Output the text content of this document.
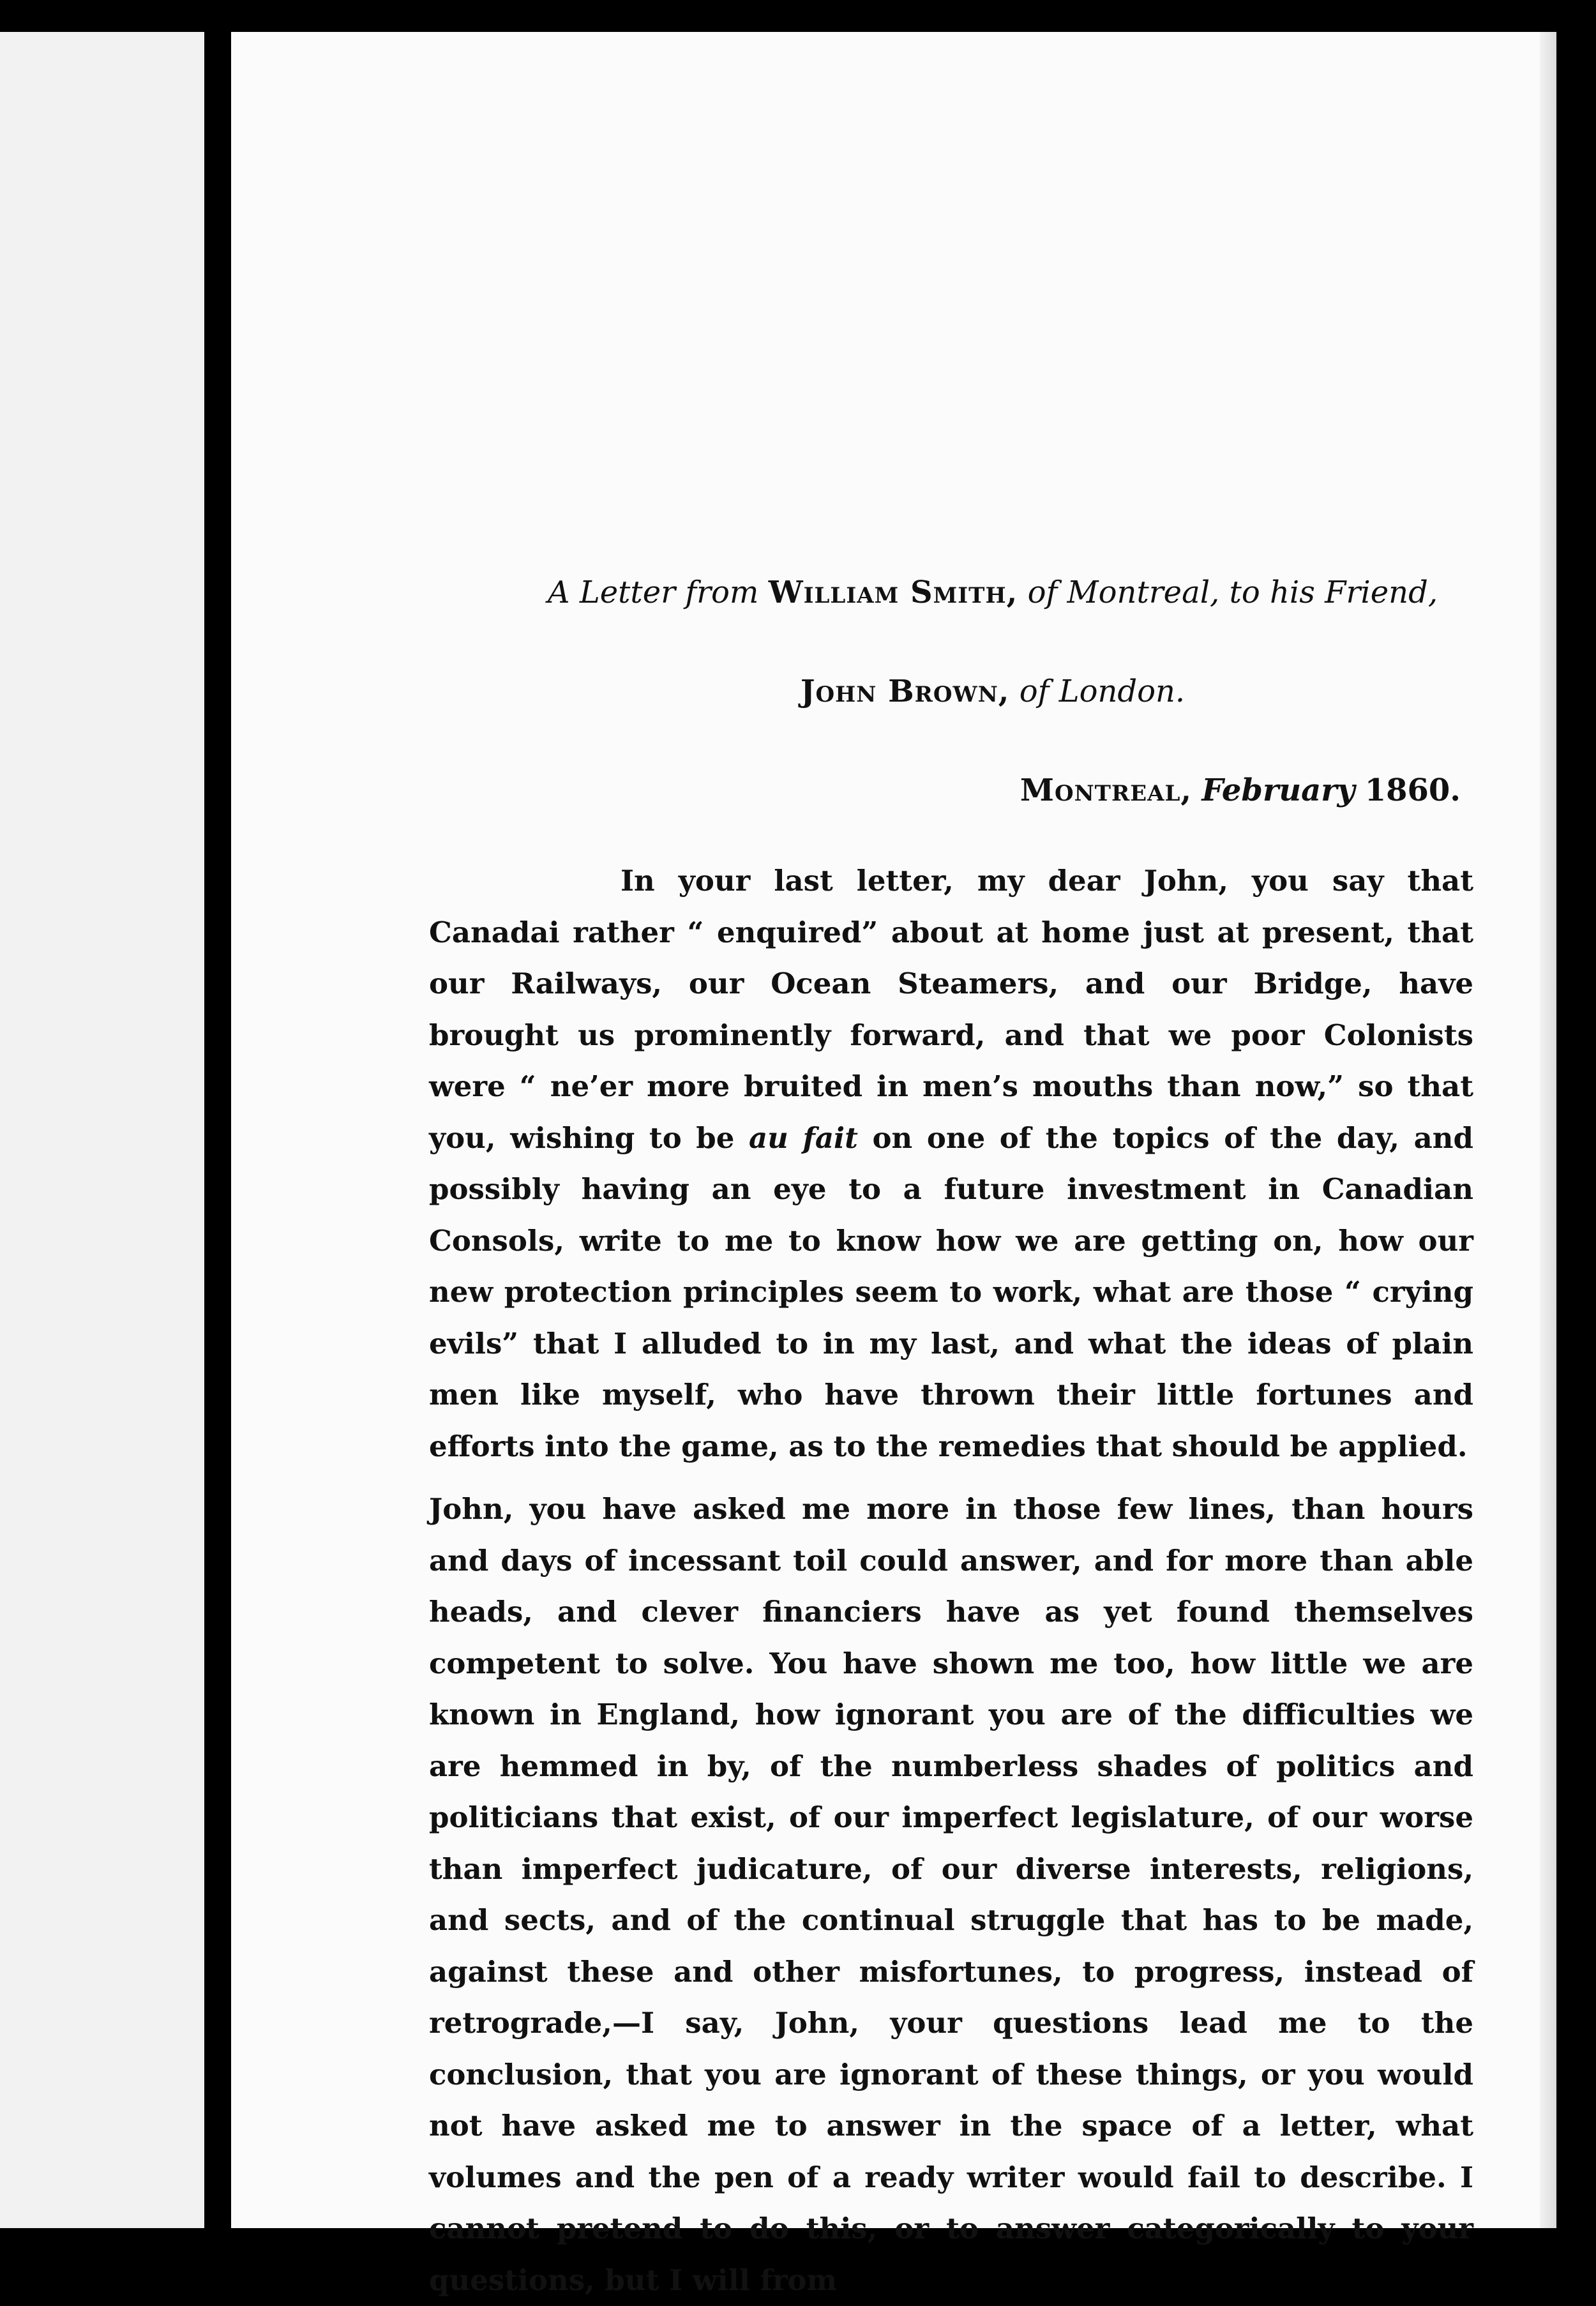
A Letter from William Smith, of Montreal, to his Friend,
John Brown, of London.
Montreal, February 1860.

In your last letter, my dear John, you say that Canadai rather “ enquired” about at home just at present, that our Railways, our Ocean Steamers, and our Bridge, have brought us prominently forward, and that we poor Colonists were “ ne’er more bruited in men’s mouths than now,” so that you, wishing to be au fait on one of the topics of the day, and possibly having an eye to a future investment in Canadian Consols, write to me to know how we are getting on, how our new protection principles seem to work, what are those “ crying evils” that I alluded to in my last, and what the ideas of plain men like myself, who have thrown their little fortunes and efforts into the game, as to the remedies that should be applied.

John, you have asked me more in those few lines, than hours and days of incessant toil could answer, and for more than able heads, and clever financiers have as yet found themselves competent to solve. You have shown me too, how little we are known in England, how ignorant you are of the difficulties we are hemmed in by, of the numberless shades of politics and politicians that exist, of our imperfect legislature, of our worse than imperfect judicature, of our diverse interests, religions, and sects, and of the continual struggle that has to be made, against these and other misfortunes, to progress, instead of retrograde,—I say, John, your questions lead me to the conclusion, that you are ignorant of these things, or you would not have asked me to answer in the space of a letter, what volumes and the pen of a ready writer would fail to describe. I cannot pretend to do this, or to answer categorically to your questions, but I will from
